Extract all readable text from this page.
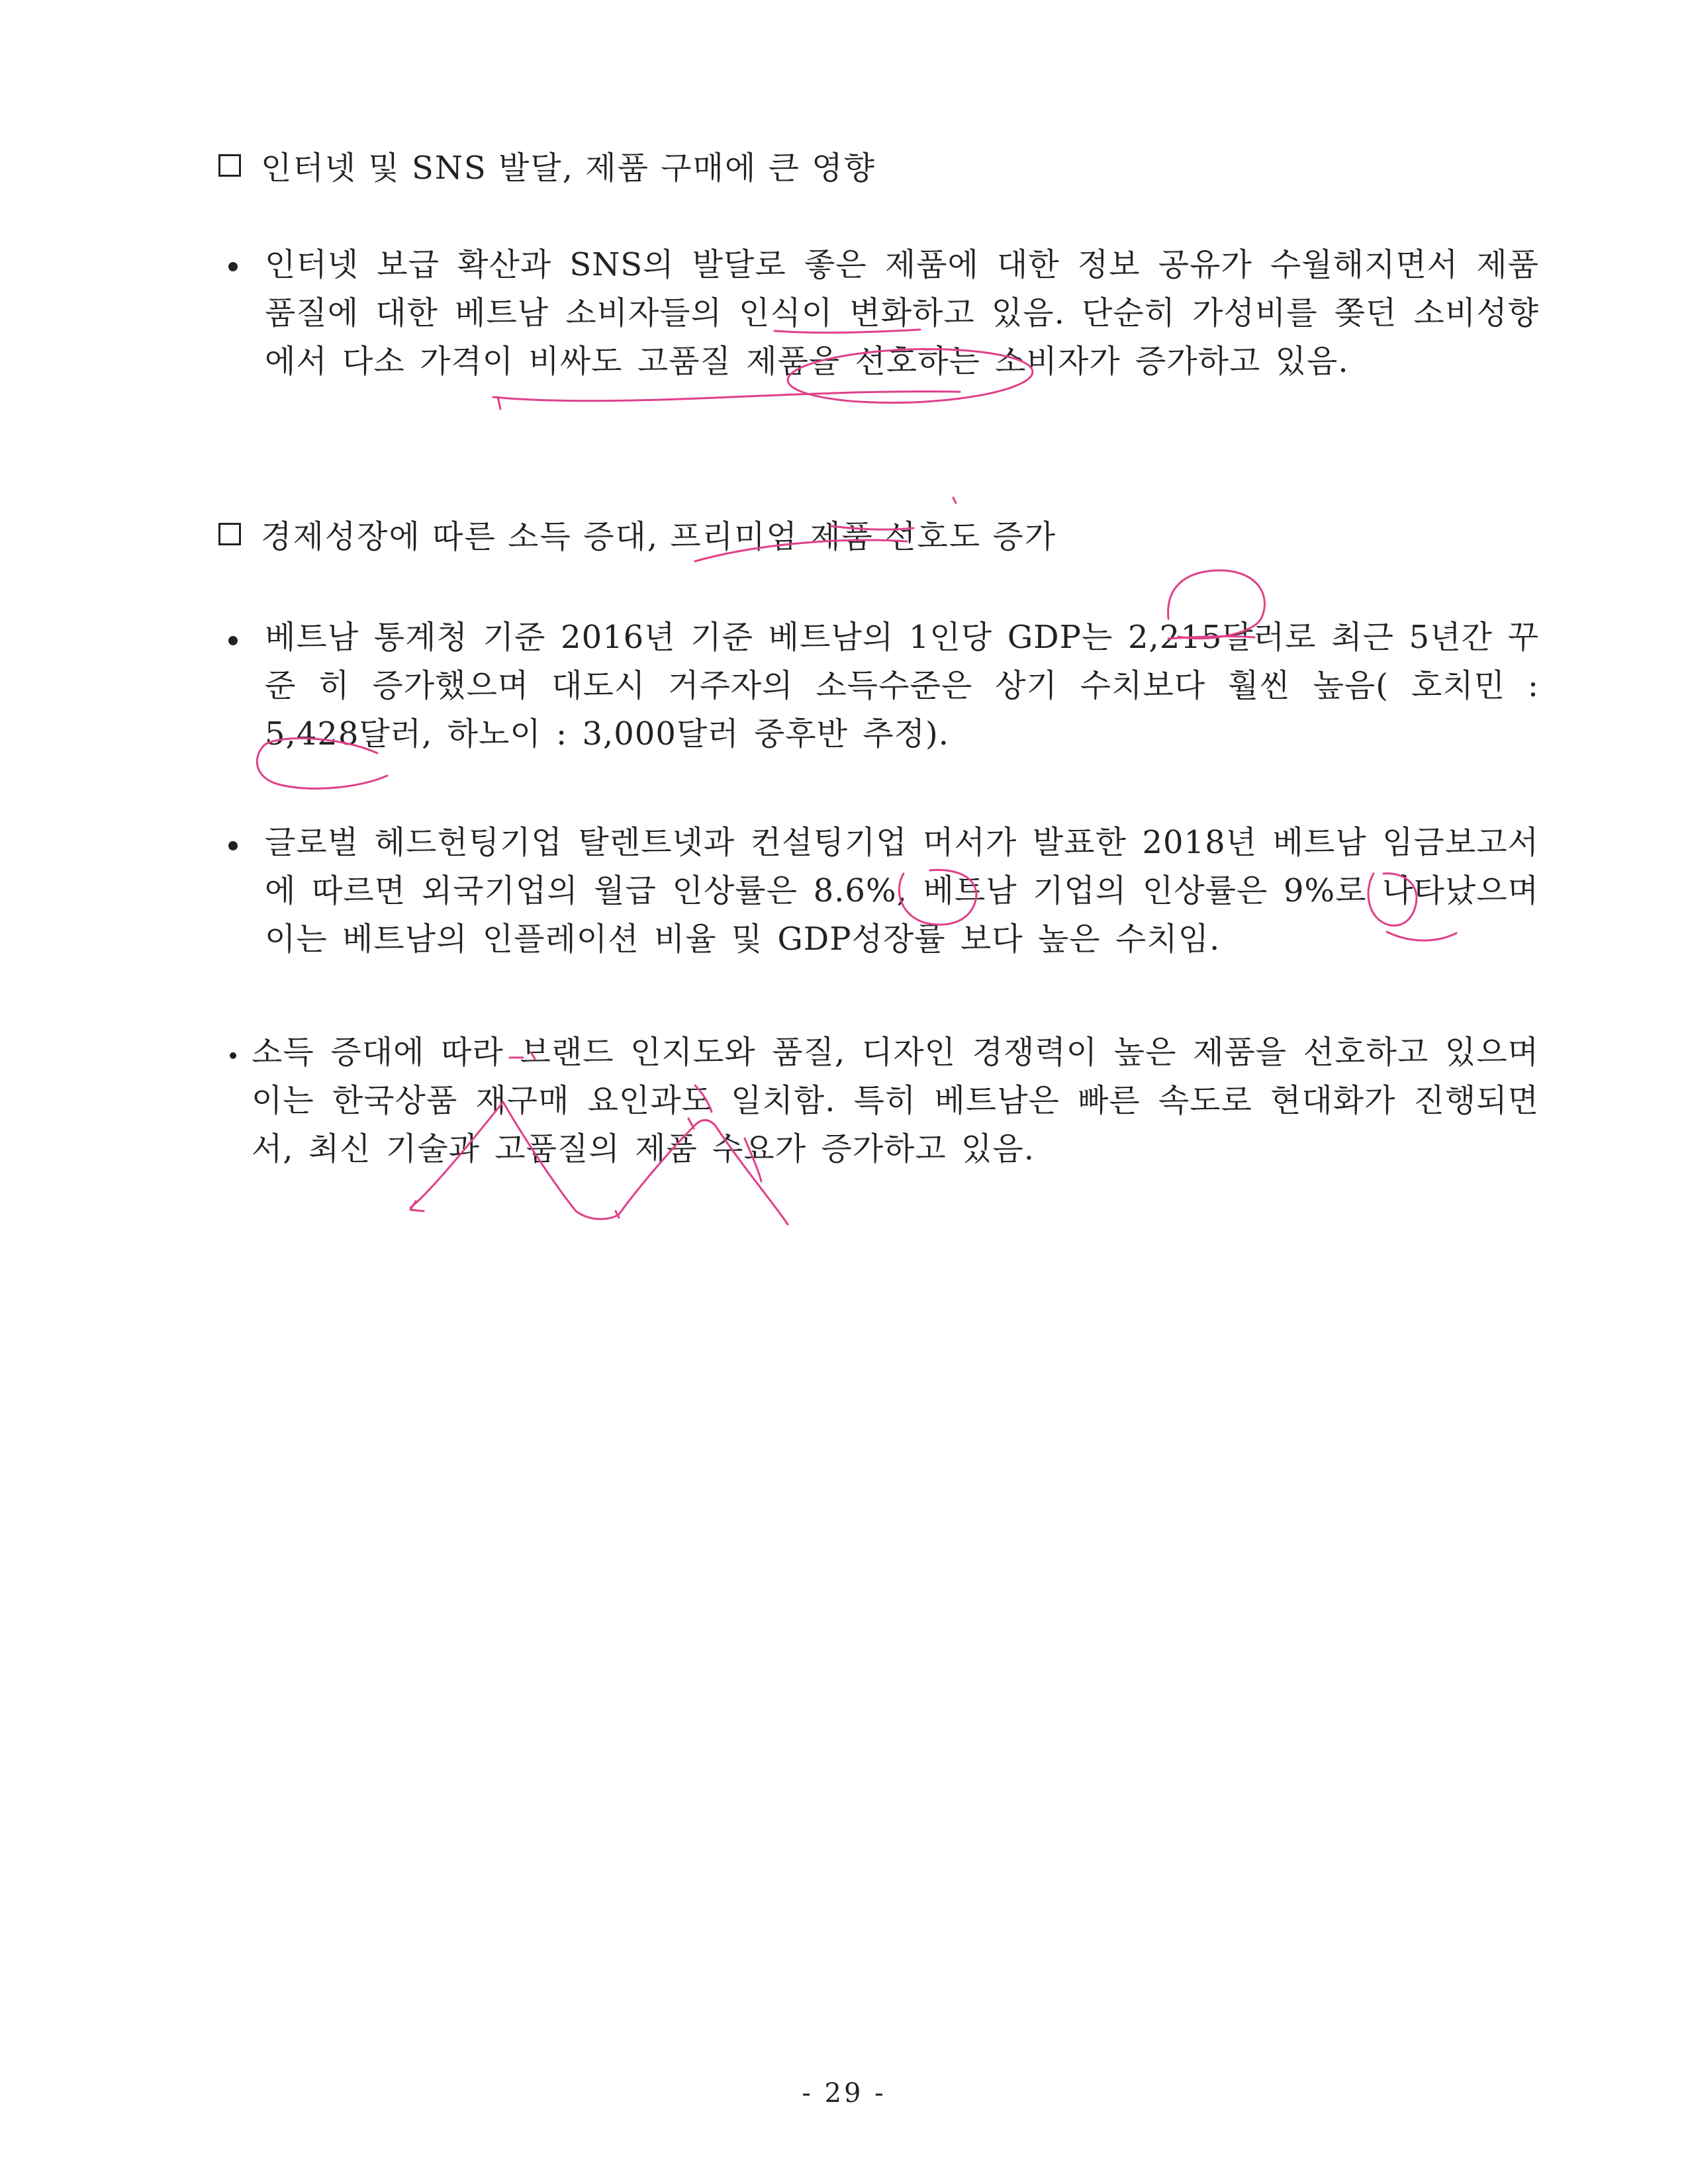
인터넷 및 SNS 발달, 제품 구매에 큰 영향

인터넷 보급 확산과 SNS의 발달로 좋은 제품에 대한 정보 공유가 수월해지면서 제품 품질에 대한 베트남 소비자들의 인식이 변화하고 있음. 단순히 가성비를 쫒던 소비성향에서 다소 가격이 비싸도 고품질 제품을 선호하는 소비자가 증가하고 있음.

경제성장에 따른 소득 증대, 프리미엄 제품 선호도 증가

베트남 통계청 기준 2016년 기준 베트남의 1인당 GDP는 2,215달러로 최근 5년간 꾸준 히 증가했으며 대도시 거주자의 소득수준은 상기 수치보다 훨씬 높음( 호치민 : 5,428달러, 하노이 : 3,000달러 중후반 추정).

글로벌 헤드헌팅기업 탈렌트넷과 컨설팅기업 머서가 발표한 2018년 베트남 임금보고서에 따르면 외국기업의 월급 인상률은 8.6%, 베트남 기업의 인상률은 9%로 나타났으며 이는 베트남의 인플레이션 비율 및 GDP성장률 보다 높은 수치임.

소득 증대에 따라 브랜드 인지도와 품질, 디자인 경쟁력이 높은 제품을 선호하고 있으며 이는 한국상품 재구매 요인과도 일치함. 특히 베트남은 빠른 속도로 현대화가 진행되면서, 최신 기술과 고품질의 제품 수요가 증가하고 있음.

- 29 -
